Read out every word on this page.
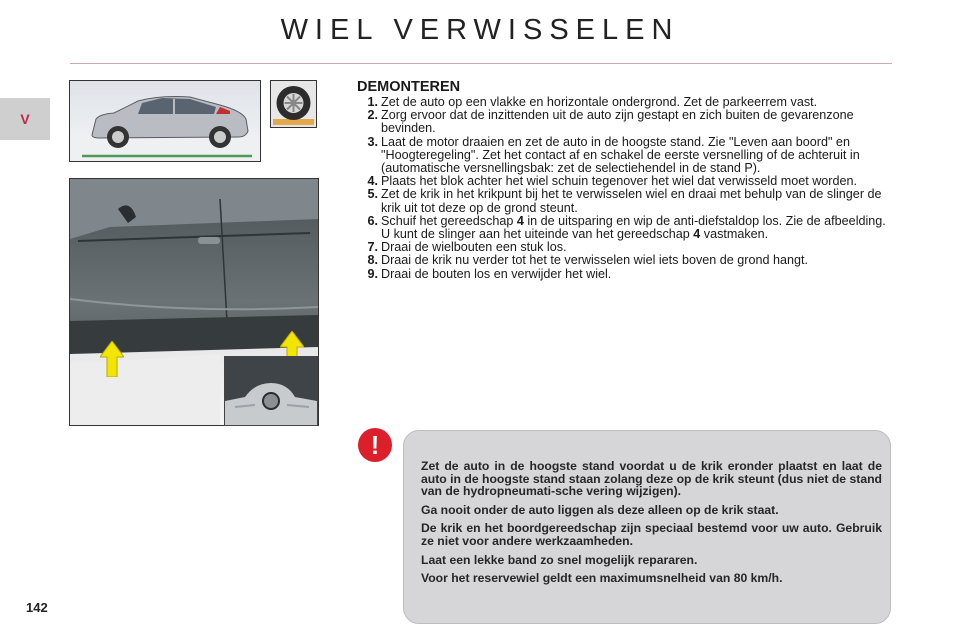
WIEL VERWISSELEN
V
142
DEMONTEREN
1. Zet de auto op een vlakke en horizontale ondergrond. Zet de parkeerrem vast.
2. Zorg ervoor dat de inzittenden uit de auto zijn gestapt en zich buiten de gevarenzone bevinden.
3. Laat de motor draaien en zet de auto in de hoogste stand. Zie "Leven aan boord" en "Hoogteregeling". Zet het contact af en schakel de eerste versnelling of de achteruit in (automatische versnellingsbak: zet de selectiehendel in de stand P).
4. Plaats het blok achter het wiel schuin tegenover het wiel dat verwisseld moet worden.
5. Zet de krik in het krikpunt bij het te verwisselen wiel en draai met behulp van de slinger de krik uit tot deze op de grond steunt.
6. Schuif het gereedschap 4 in de uitsparing en wip de anti-diefstaldop los. Zie de afbeelding. U kunt de slinger aan het uiteinde van het gereedschap 4 vastmaken.
7. Draai de wielbouten een stuk los.
8. Draai de krik nu verder tot het te verwisselen wiel iets boven de grond hangt.
9. Draai de bouten los en verwijder het wiel.
!

Zet de auto in de hoogste stand voordat u de krik eronder plaatst en laat de auto in de hoogste stand staan zolang deze op de krik steunt (dus niet de stand van de hydropneumati-sche vering wijzigen).

Ga nooit onder de auto liggen als deze alleen op de krik staat.

De krik en het boordgereedschap zijn speciaal bestemd voor uw auto. Gebruik ze niet voor andere werkzaamheden.

Laat een lekke band zo snel mogelijk repararen.

Voor het reservewiel geldt een maximumsnelheid van 80 km/h.
